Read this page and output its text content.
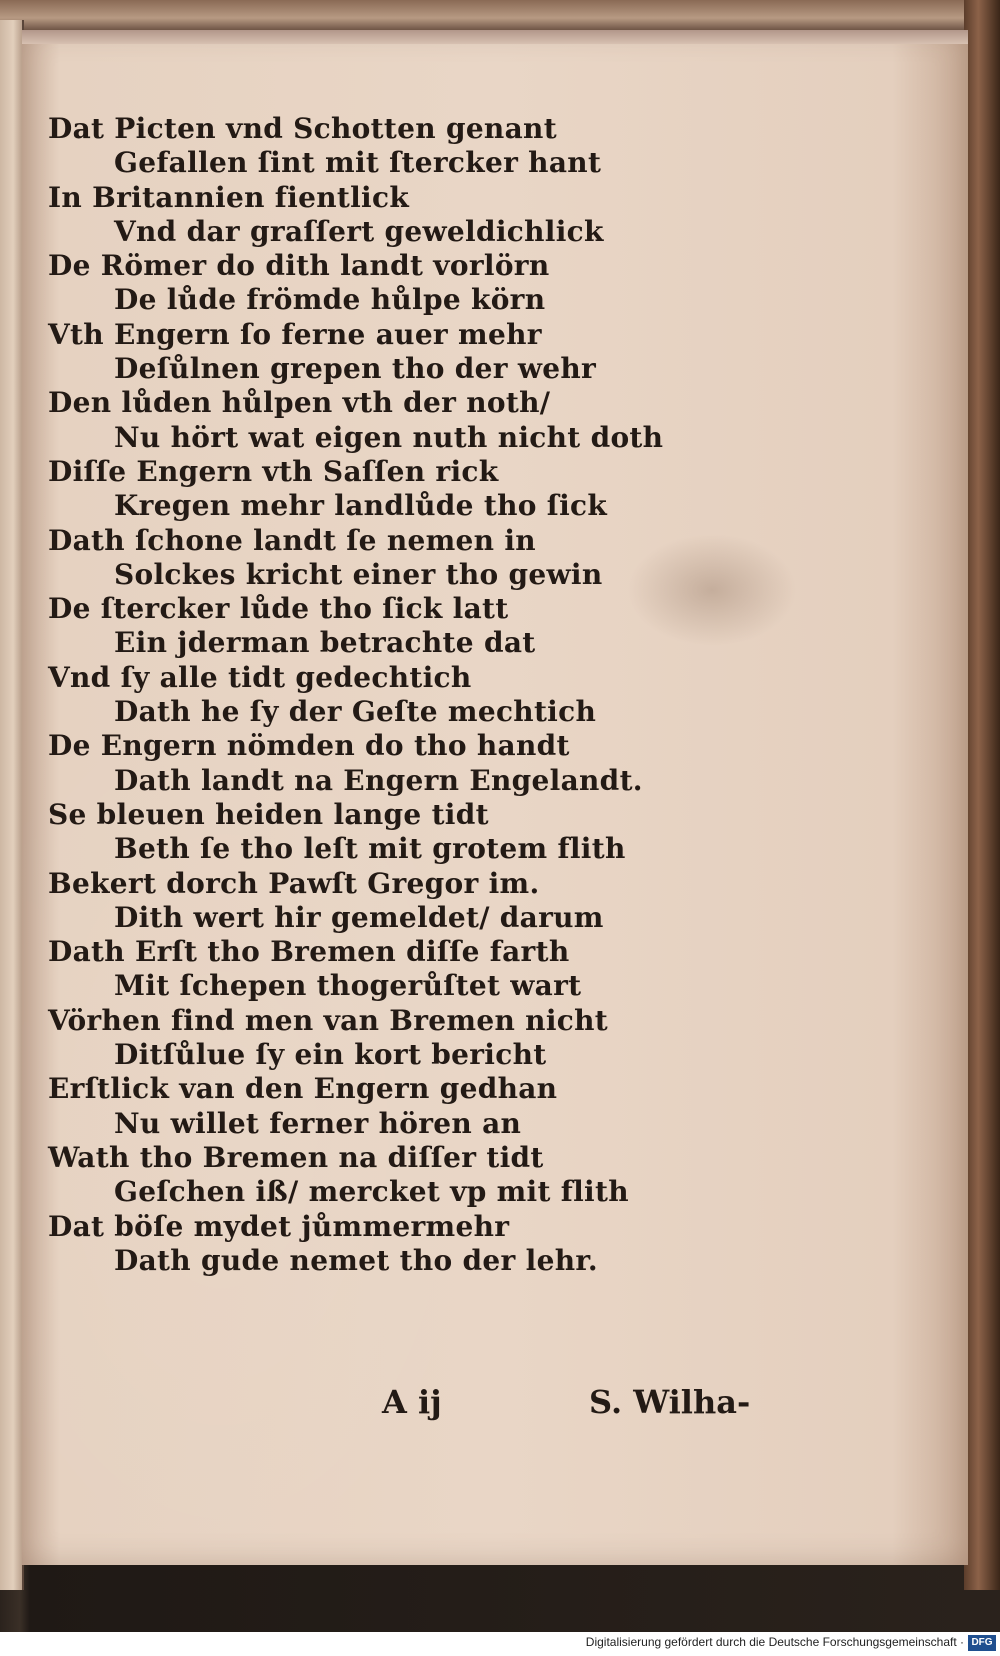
Dat Picten vnd Schotten genant
Gefallen ſint mit ſtercker hant
In Britannien fientlick
Vnd dar graſſert geweldichlick
De Römer do dith landt vorlörn
De lůde frömde hůlpe körn
Vth Engern ſo ferne auer mehr
Deſůlnen grepen tho der wehr
Den lůden hůlpen vth der noth/
Nu hört wat eigen nuth nicht doth
Diſſe Engern vth Saſſen rick
Kregen mehr landlůde tho ſick
Dath ſchone landt ſe nemen in
Solckes kricht einer tho gewin
De ſtercker lůde tho ſick latt
Ein jderman betrachte dat
Vnd ſy alle tidt gedechtich
Dath he ſy der Geſte mechtich
De Engern nömden do tho handt
Dath landt na Engern Engelandt.
Se bleuen heiden lange tidt
Beth ſe tho leſt mit grotem flith
Bekert dorch Pawſt Gregor im.
Dith wert hir gemeldet/ darum
Dath Erſt tho Bremen diſſe farth
Mit ſchepen thogerůſtet wart
Vörhen find men van Bremen nicht
Ditſůlue ſy ein kort bericht
Erſtlick van den Engern gedhan
Nu willet ferner hören an
Wath tho Bremen na diſſer tidt
Geſchen iß/ mercket vp mit flith
Dat böſe mydet jůmmermehr
Dath gude nemet tho der lehr.
A ij	S. Wilha-
Digitalisierung gefördert durch die Deutsche Forschungsgemeinschaft · DFG
